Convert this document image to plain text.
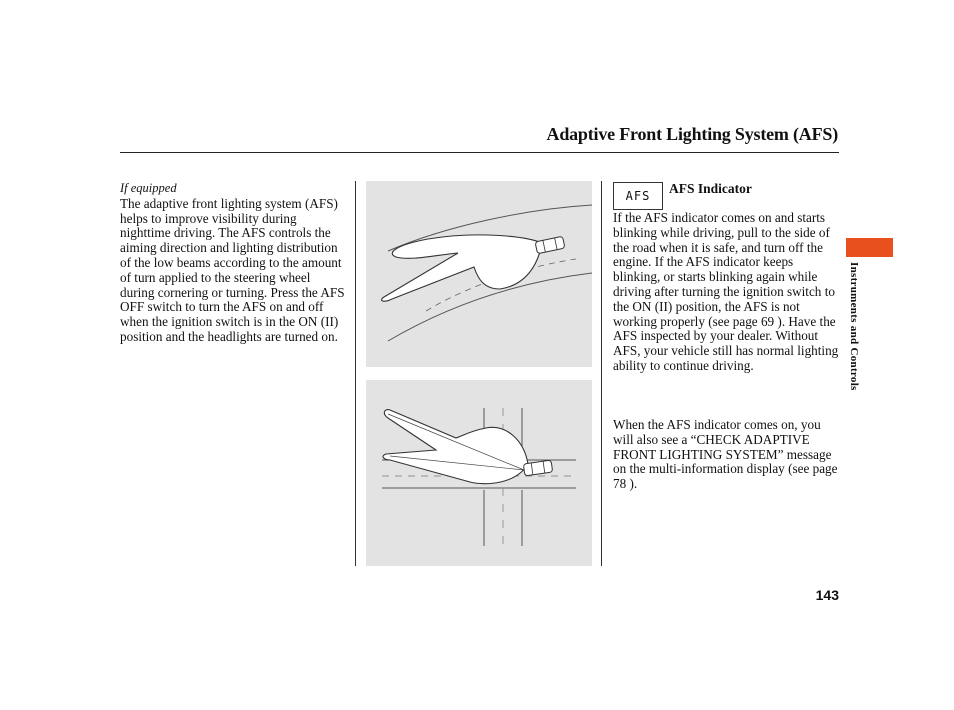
Adaptive Front Lighting System (AFS)
If equipped
The adaptive front lighting system (AFS) helps to improve visibility during nighttime driving. The AFS controls the aiming direction and lighting distribution of the low beams according to the amount of turn applied to the steering wheel during cornering or turning. Press the AFS OFF switch to turn the AFS on and off when the ignition switch is in the ON (II) position and the headlights are turned on.
AFS	AFS Indicator
If the AFS indicator comes on and starts blinking while driving, pull to the side of the road when it is safe, and turn off the engine. If the AFS indicator keeps blinking, or starts blinking again while driving after turning the ignition switch to the ON (II) position, the AFS is not working properly (see page 69 ). Have the AFS inspected by your dealer. Without AFS, your vehicle still has normal lighting ability to continue driving.
When the AFS indicator comes on, you will also see a “CHECK ADAPTIVE FRONT LIGHTING SYSTEM” message on the multi-information display (see page 78 ).
Instruments and Controls
143
